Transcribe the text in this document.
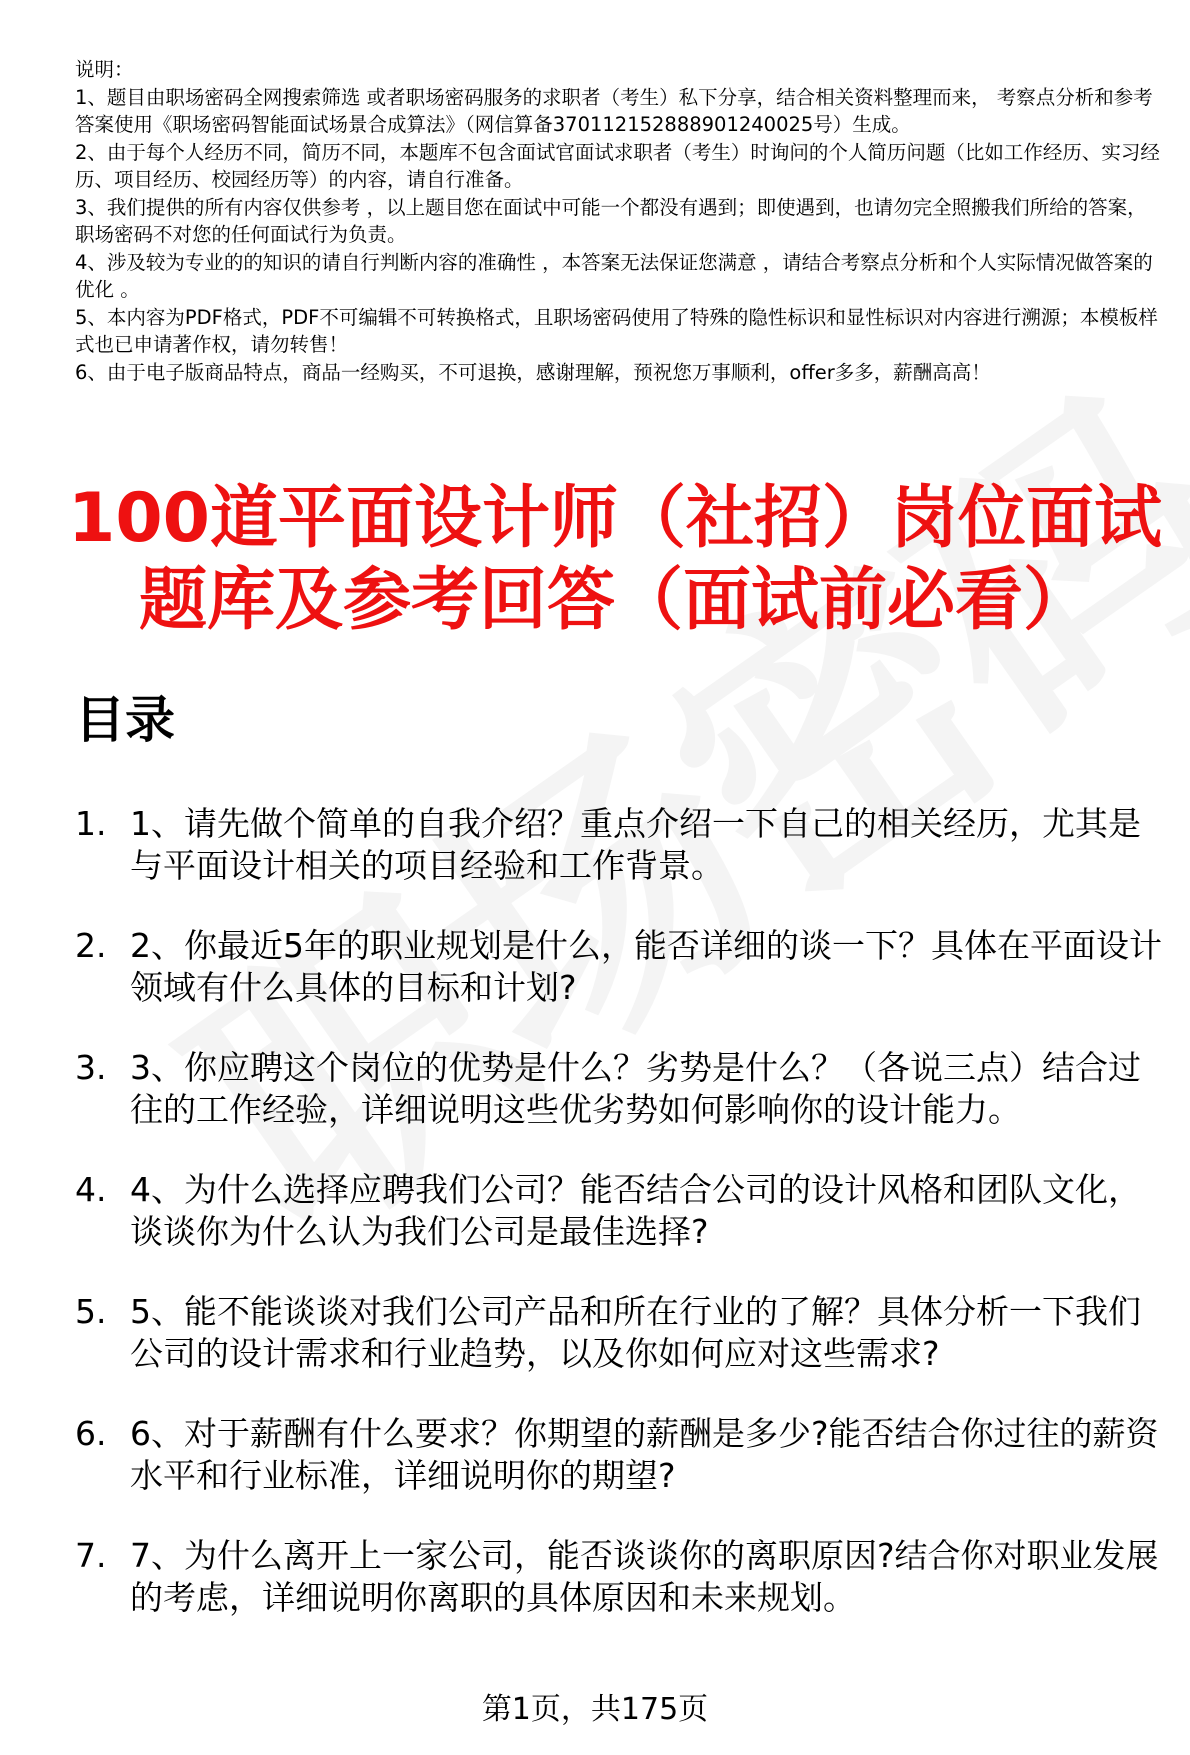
说明：

1、题目由职场密码全网搜索筛选 或者职场密码服务的求职者（考生）私下分享，结合相关资料整理而来， 考察点分析和参考答案使用《职场密码智能面试场景合成算法》（网信算备370112152888901240025号）生成。

2、由于每个人经历不同，简历不同，本题库不包含面试官面试求职者（考生）时询问的个人简历问题（比如工作经历、实习经历、项目经历、校园经历等）的内容，请自行准备。

3、我们提供的所有内容仅供参考 ，以上题目您在面试中可能一个都没有遇到；即使遇到，也请勿完全照搬我们所给的答案，职场密码不对您的任何面试行为负责。

4、涉及较为专业的的知识的请自行判断内容的准确性 ，本答案无法保证您满意 ，请结合考察点分析和个人实际情况做答案的优化 。

5、本内容为PDF格式，PDF不可编辑不可转换格式，且职场密码使用了特殊的隐性标识和显性标识对内容进行溯源；本模板样式也已申请著作权，请勿转售！

6、由于电子版商品特点，商品一经购买，不可退换，感谢理解，预祝您万事顺利，offer多多，薪酬高高！

100道平面设计师（社招）岗位面试题库及参考回答（面试前必看）
目录
1. 1、请先做个简单的自我介绍？重点介绍一下自己的相关经历，尤其是与平面设计相关的项目经验和工作背景。
2. 2、你最近5年的职业规划是什么，能否详细的谈一下？具体在平面设计领域有什么具体的目标和计划?
3. 3、你应聘这个岗位的优势是什么？劣势是什么？（各说三点）结合过往的工作经验，详细说明这些优劣势如何影响你的设计能力。
4. 4、为什么选择应聘我们公司？能否结合公司的设计风格和团队文化，谈谈你为什么认为我们公司是最佳选择?
5. 5、能不能谈谈对我们公司产品和所在行业的了解？具体分析一下我们公司的设计需求和行业趋势，以及你如何应对这些需求?
6. 6、对于薪酬有什么要求？你期望的薪酬是多少?能否结合你过往的薪资水平和行业标准，详细说明你的期望?
7. 7、为什么离开上一家公司，能否谈谈你的离职原因?结合你对职业发展的考虑，详细说明你离职的具体原因和未来规划。
第1页，共175页
